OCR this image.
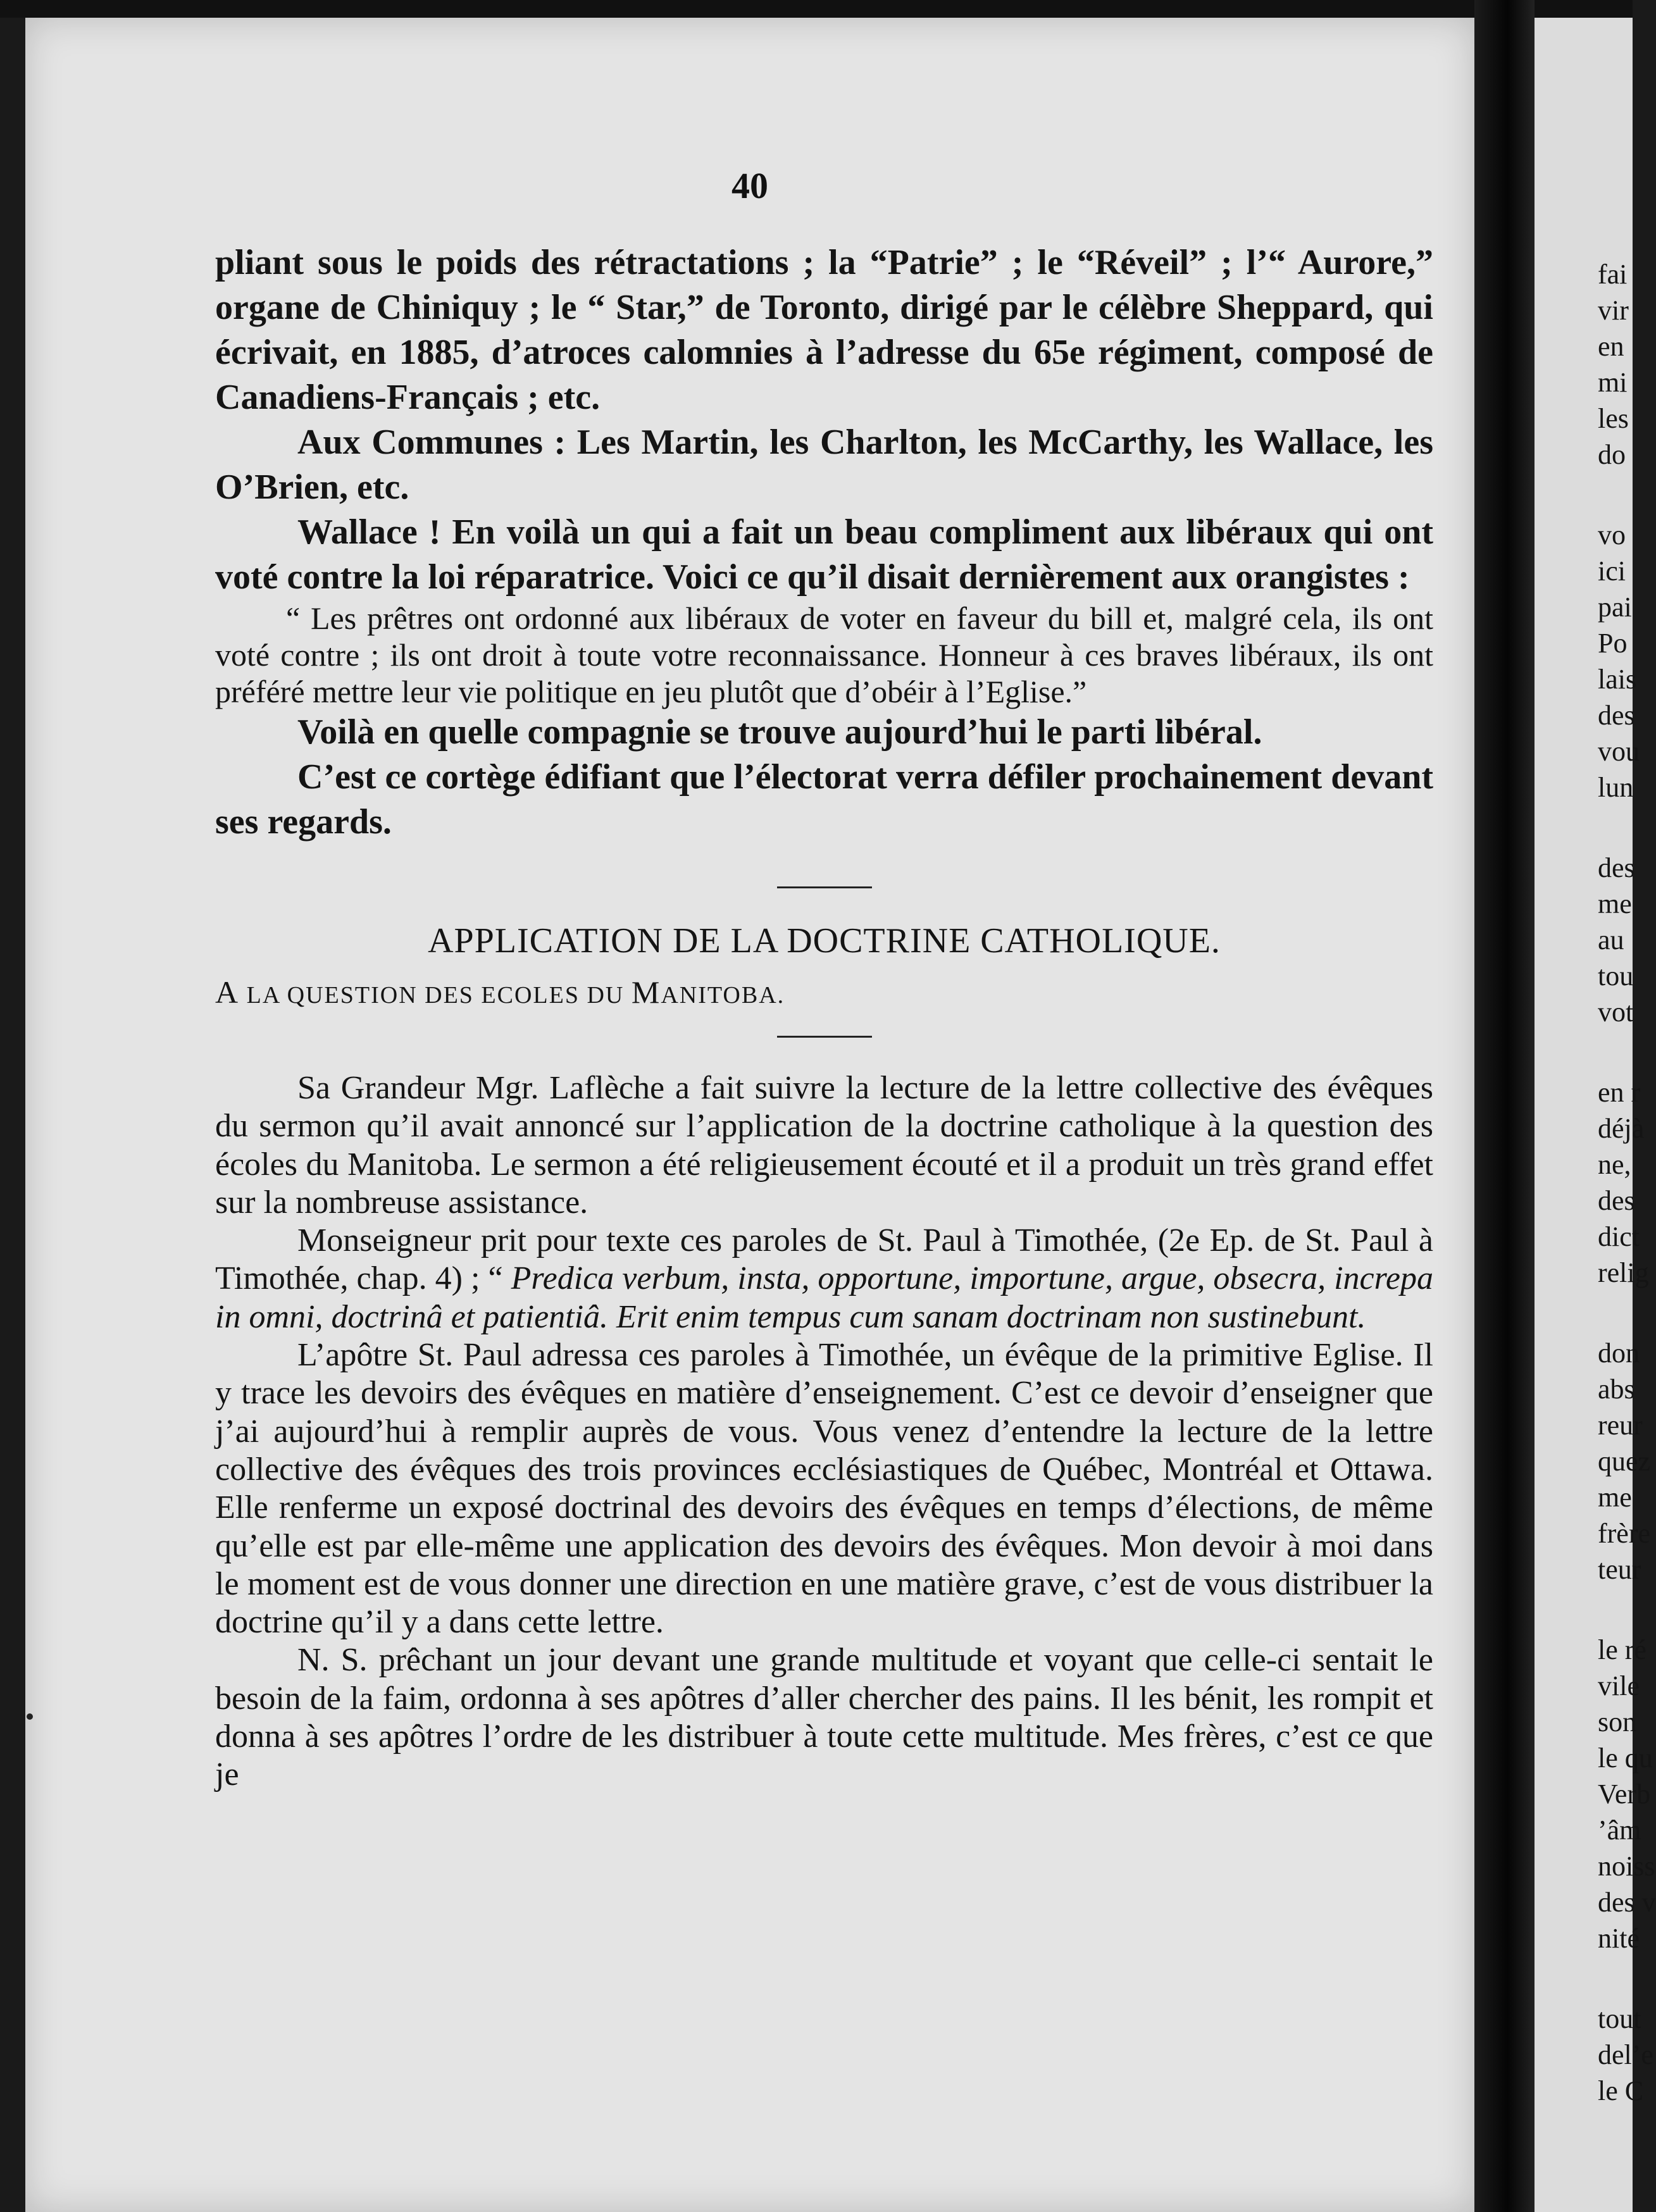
40

pliant sous le poids des rétractations ; la “Patrie” ; le “Réveil” ; l’“ Aurore,” organe de Chiniquy ; le “ Star,” de Toronto, dirigé par le célèbre Sheppard, qui écrivait, en 1885, d’atroces calomnies à l’adresse du 65e régiment, composé de Canadiens-Français ; etc.

Aux Communes : Les Martin, les Charlton, les McCarthy, les Wallace, les O’Brien, etc.

Wallace ! En voilà un qui a fait un beau compliment aux libéraux qui ont voté contre la loi réparatrice. Voici ce qu’il disait dernièrement aux orangistes :

“ Les prêtres ont ordonné aux libéraux de voter en faveur du bill et, malgré cela, ils ont voté contre ; ils ont droit à toute votre reconnaissance. Honneur à ces braves libéraux, ils ont préféré mettre leur vie politique en jeu plutôt que d’obéir à l’Eglise.”

Voilà en quelle compagnie se trouve aujourd’hui le parti libéral.

C’est ce cortège édifiant que l’électorat verra défiler prochainement devant ses regards.

APPLICATION DE LA DOCTRINE CATHOLIQUE.

A LA QUESTION DES ECOLES DU MANITOBA.

Sa Grandeur Mgr. Laflèche a fait suivre la lecture de la lettre collective des évêques du sermon qu’il avait annoncé sur l’application de la doctrine catholique à la question des écoles du Manitoba. Le sermon a été religieusement écouté et il a produit un très grand effet sur la nombreuse assistance.

Monseigneur prit pour texte ces paroles de St. Paul à Timothée, (2e Ep. de St. Paul à Timothée, chap. 4) ; “ Predica verbum, insta, opportune, importune, argue, obsecra, increpa in omni, doctrinâ et patientiâ. Erit enim tempus cum sanam doctrinam non sustinebunt.

L’apôtre St. Paul adressa ces paroles à Timothée, un évêque de la primitive Eglise. Il y trace les devoirs des évêques en matière d’enseignement. C’est ce devoir d’enseigner que j’ai aujourd’hui à remplir auprès de vous. Vous venez d’entendre la lecture de la lettre collective des évêques des trois provinces ecclésiastiques de Québec, Montréal et Ottawa. Elle renferme un exposé doctrinal des devoirs des évêques en temps d’élections, de même qu’elle est par elle-même une application des devoirs des évêques. Mon devoir à moi dans le moment est de vous donner une direction en une matière grave, c’est de vous distribuer la doctrine qu’il y a dans cette lettre.

N. S. prêchant un jour devant une grande multitude et voyant que celle-ci sentait le besoin de la faim, ordonna à ses apôtres d’aller chercher des pains. Il les bénit, les rompit et donna à ses apôtres l’ordre de les distribuer à toute cette multitude. Mes frères, c’est ce que je

fai
vir
en
mi
les
do
vo
ici
pai
Po
lais
des
vou
lun
des
me
au
tou
vot
en r
déjà
ne,
des
dict
relig
don
abs
reur
quez
me
frère
teur
le ré
vile
son
le qu
Verb
’âm
noiss
des v
nité
tout
del’e
le C
